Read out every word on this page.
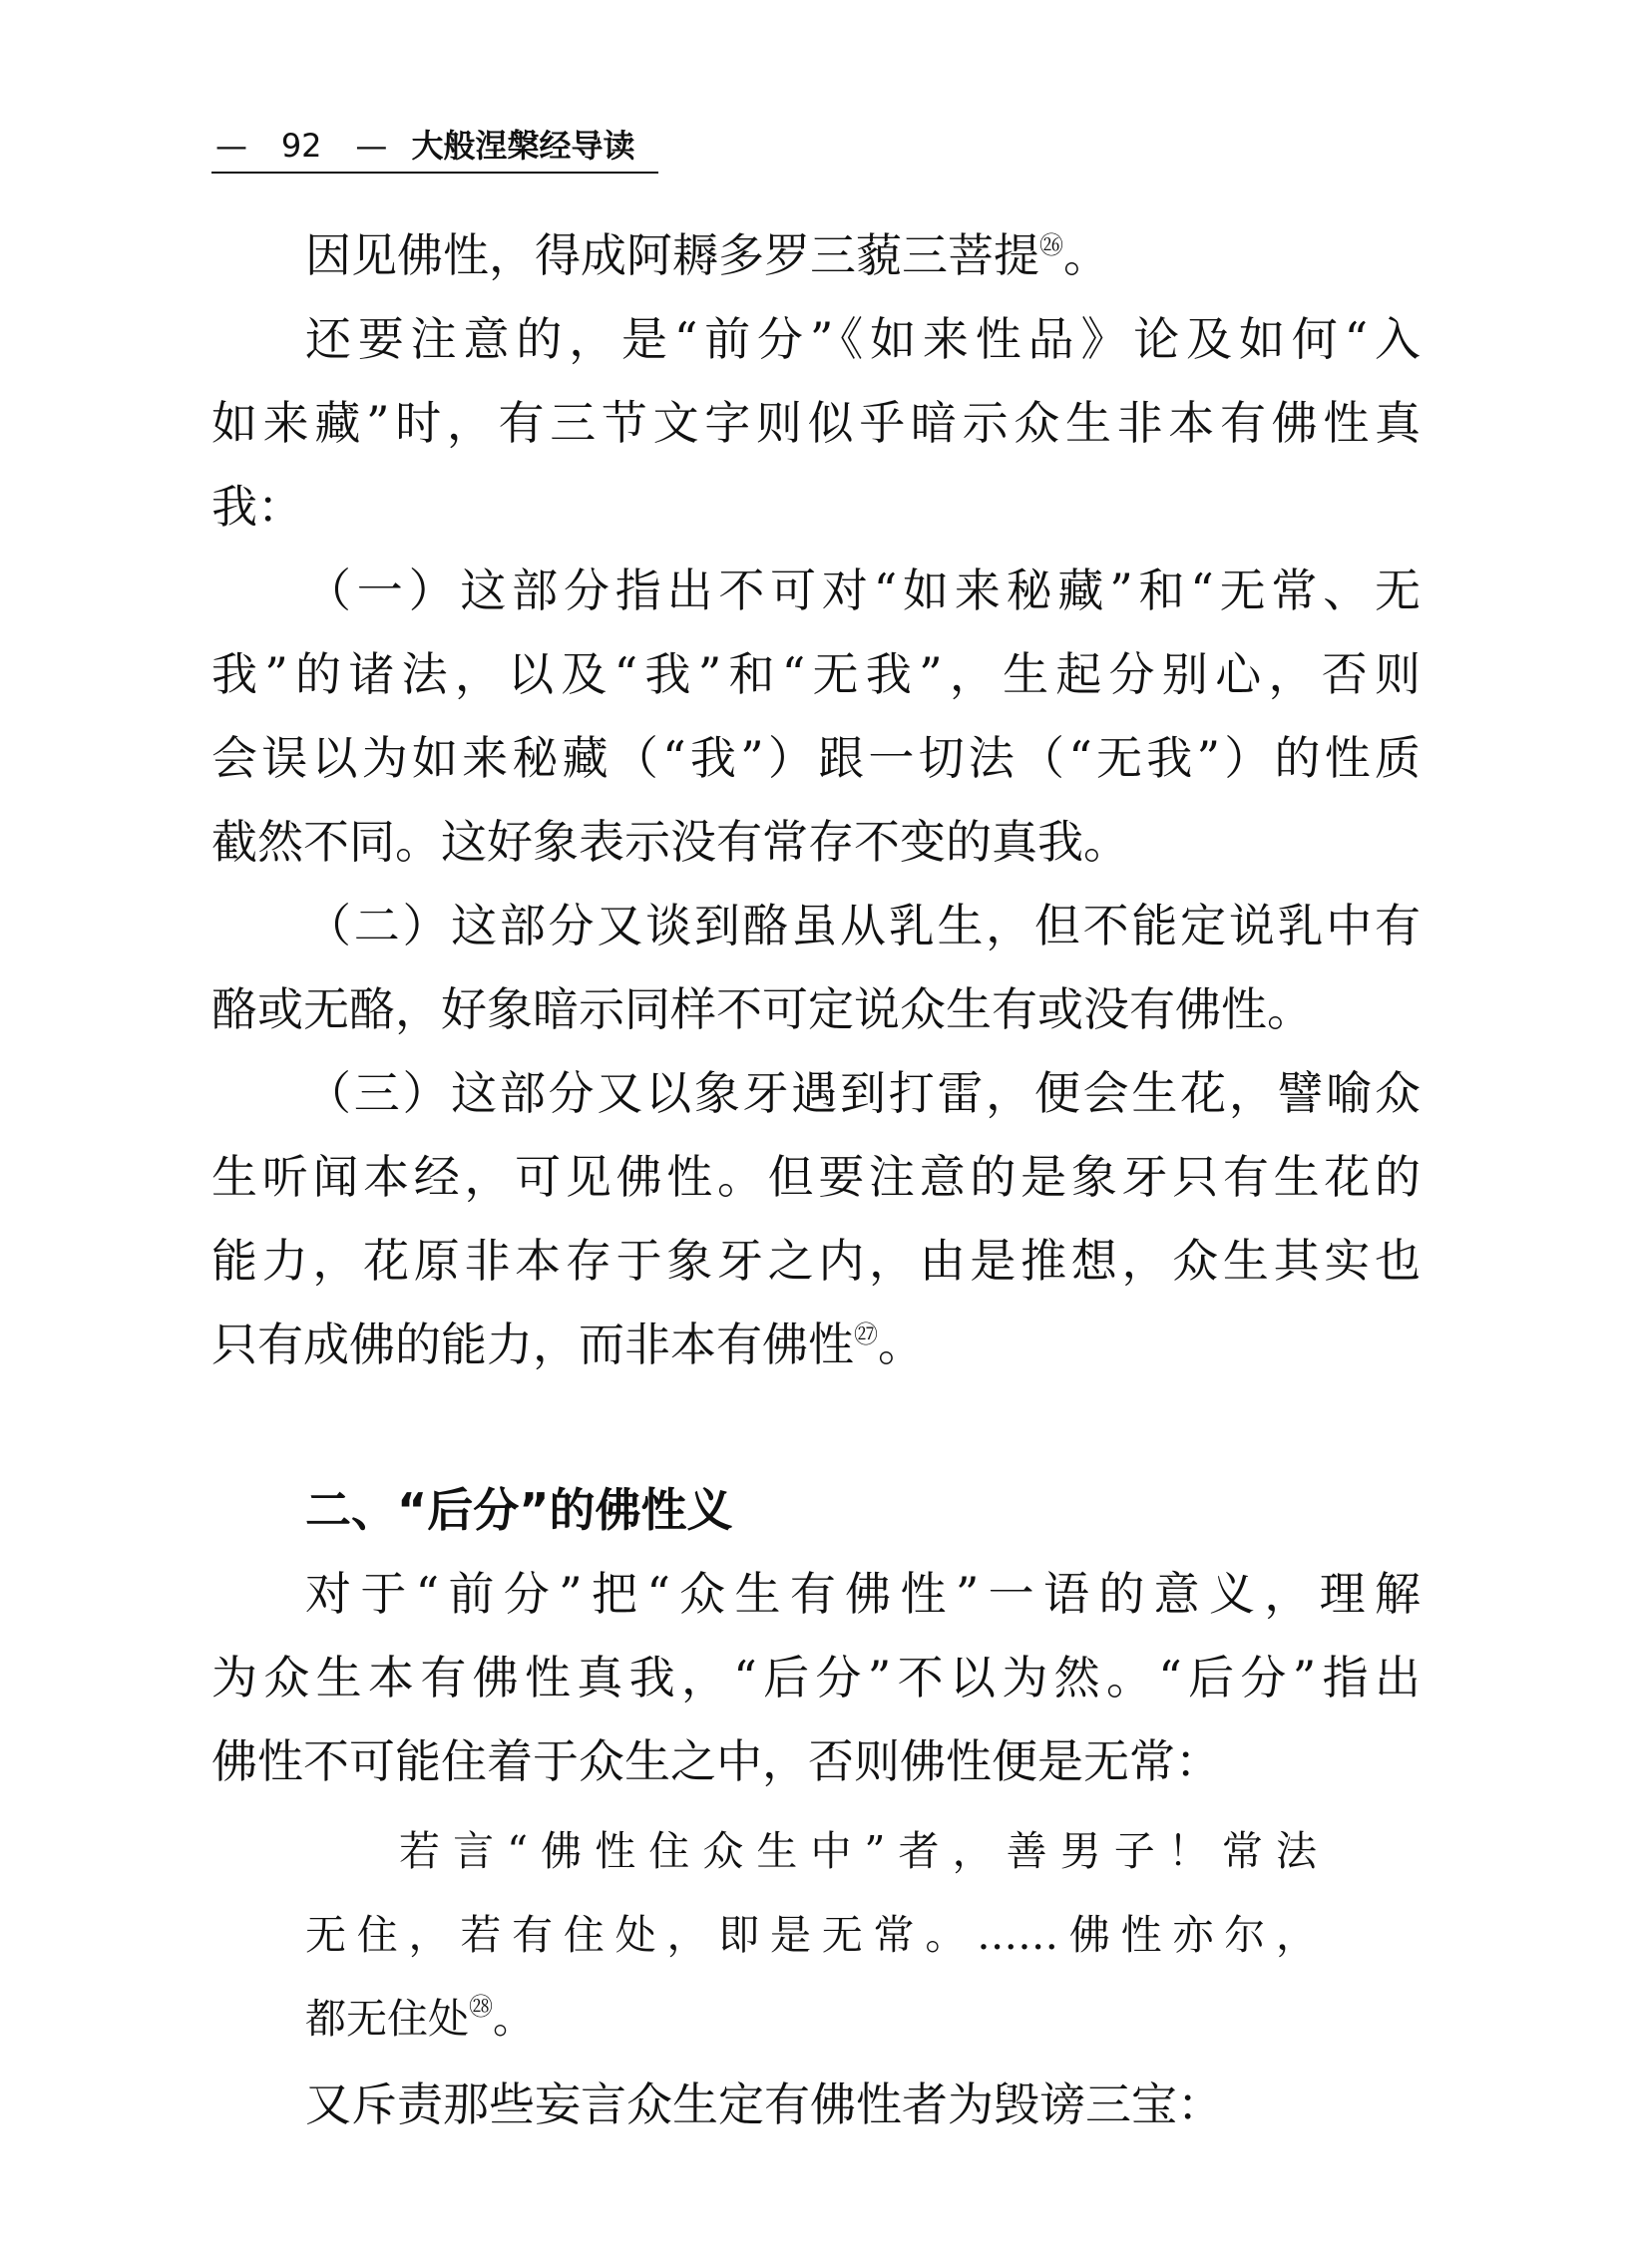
— 92 — 大般涅槃经导读
因见佛性，得成阿耨多罗三藐三菩提$^㉖$。
还要注意的，是“前分”《如来性品》论及如何“入
如来藏”时，有三节文字则似乎暗示众生非本有佛性真
我：
（一）这部分指出不可对“如来秘藏”和“无常、无
我”的诸法，以及“我”和“无我”，生起分别心，否则
会误以为如来秘藏（“我”）跟一切法（“无我”）的性质
截然不同。这好象表示没有常存不变的真我。
（二）这部分又谈到酪虽从乳生，但不能定说乳中有
酪或无酪，好象暗示同样不可定说众生有或没有佛性。
（三）这部分又以象牙遇到打雷，便会生花，譬喻众
生听闻本经，可见佛性。但要注意的是象牙只有生花的
能力，花原非本存于象牙之内，由是推想，众生其实也
只有成佛的能力，而非本有佛性$^㉗$。
二、“后分”的佛性义
对于“前分”把“众生有佛性”一语的意义，理解
为众生本有佛性真我，“后分”不以为然。“后分”指出
佛性不可能住着于众生之中，否则佛性便是无常：
若言“佛性住众生中”者，善男子！常法
无住，若有住处，即是无常。……佛性亦尔，
都无住处$^㉘$。
又斥责那些妄言众生定有佛性者为毁谤三宝：
